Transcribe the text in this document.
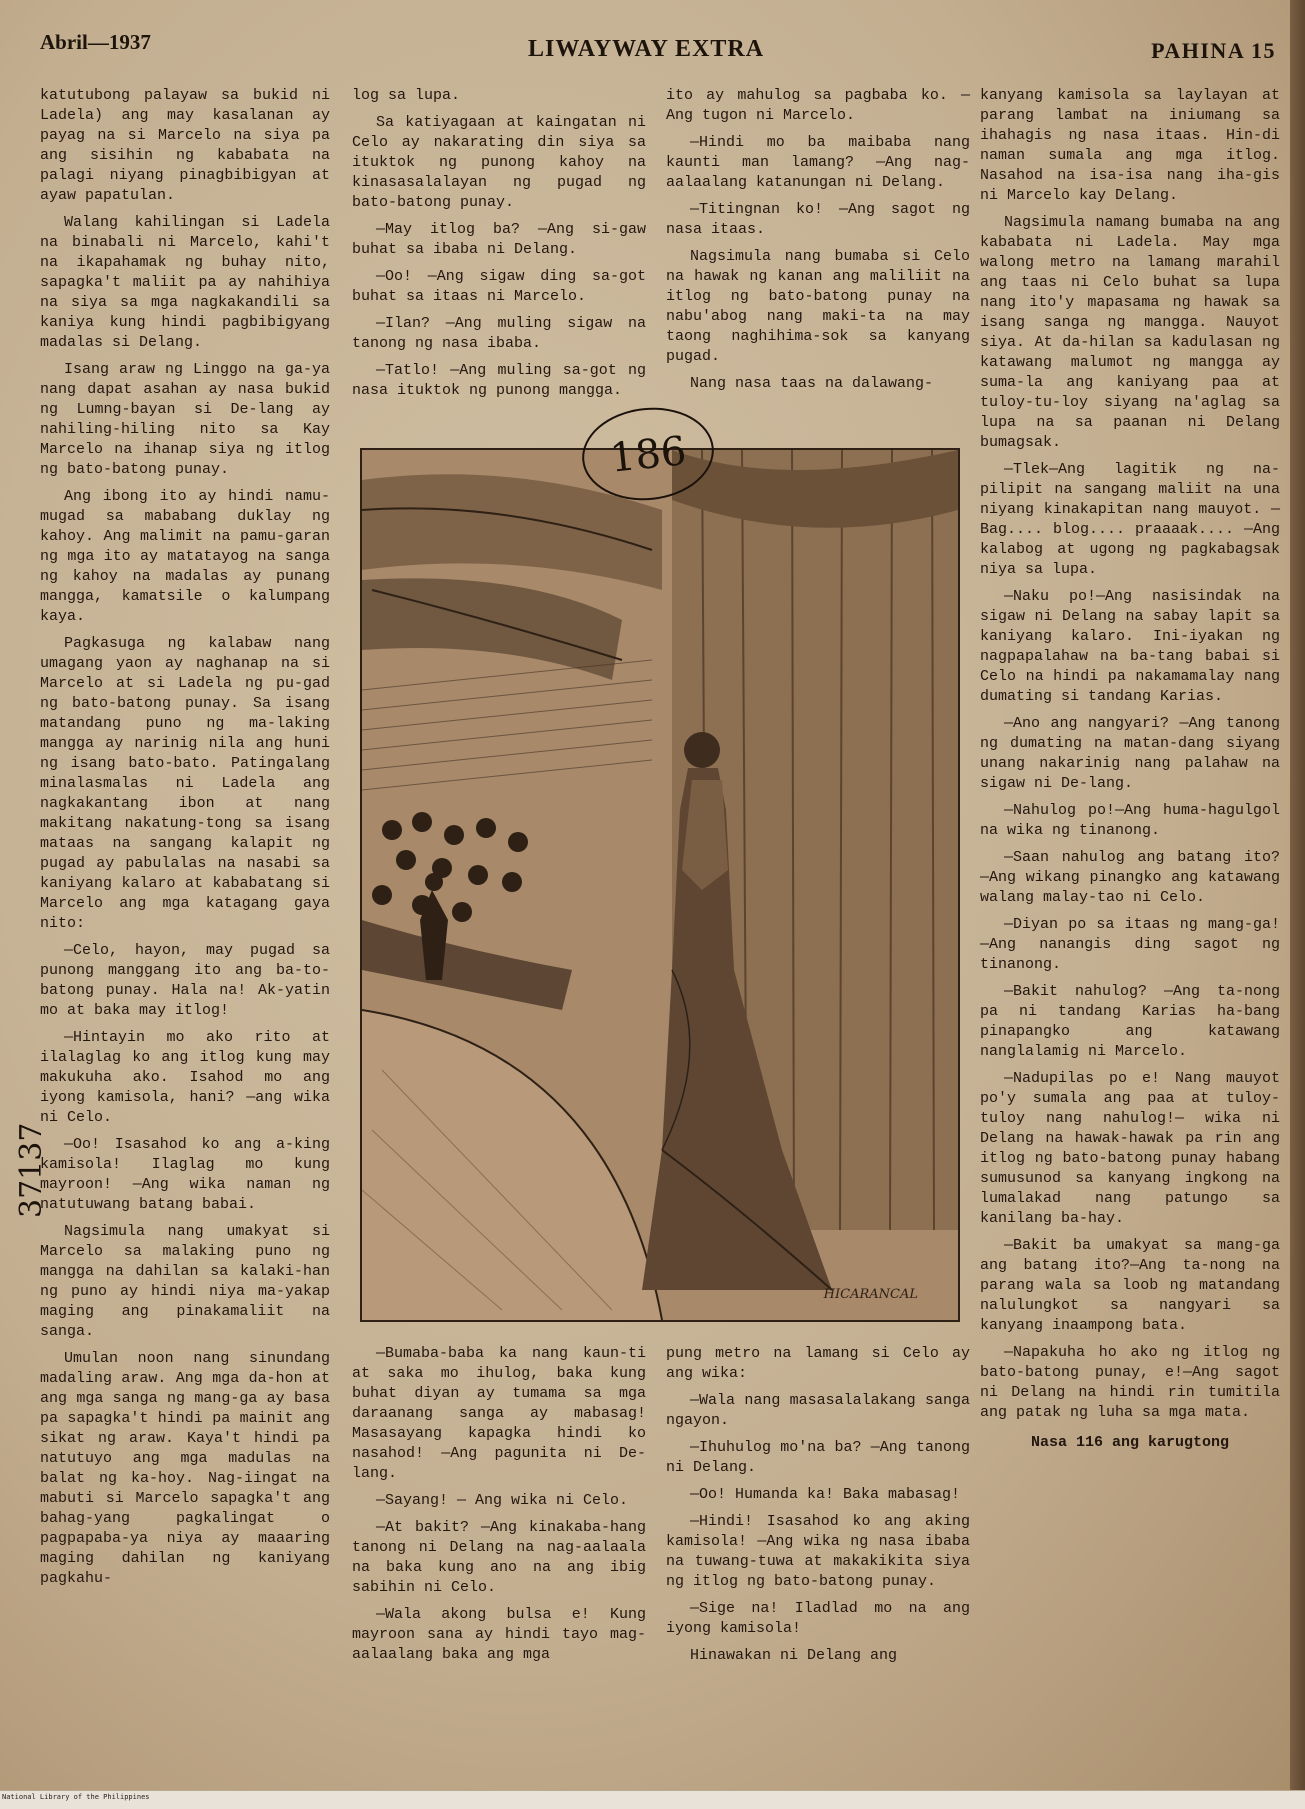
Abril—1937	LIWAYWAY EXTRA	PAHINA 15

katutubong palayaw sa bukid ni Ladela) ang may kasalanan ay payag na si Marcelo na siya pa ang sisihin ng kababata na palagi niyang pinagbibigyan at ayaw papatulan.

Walang kahilingan si Ladela na binabali ni Marcelo, kahi't na ikapahamak ng buhay nito, sapagka't maliit pa ay nahihiya na siya sa mga nagkakandili sa kaniya kung hindi pagbibigyang madalas si Delang.

Isang araw ng Linggo na ga-ya nang dapat asahan ay nasa bukid ng Lumng-bayan si De-lang ay nahiling-hiling nito sa Kay Marcelo na ihanap siya ng itlog ng bato-batong punay.

Ang ibong ito ay hindi namu-mugad sa mababang duklay ng kahoy. Ang malimit na pamu-garan ng mga ito ay matatayog na sanga ng kahoy na madalas ay punang mangga, kamatsile o kalumpang kaya.

Pagkasuga ng kalabaw nang umagang yaon ay naghanap na si Marcelo at si Ladela ng pu-gad ng bato-batong punay. Sa isang matandang puno ng ma-laking mangga ay narinig nila ang huni ng isang bato-bato. Patingalang minalasmalas ni Ladela ang nagkakantang ibon at nang makitang nakatung-tong sa isang mataas na sangang kalapit ng pugad ay pabulalas na nasabi sa kaniyang kalaro at kababatang si Marcelo ang mga katagang gaya nito:

—Celo, hayon, may pugad sa punong manggang ito ang ba-to-batong punay. Hala na! Ak-yatin mo at baka may itlog!

—Hintayin mo ako rito at ilalaglag ko ang itlog kung may makukuha ako. Isahod mo ang iyong kamisola, hani? —ang wika ni Celo.

—Oo! Isasahod ko ang a-king kamisola! Ilaglag mo kung mayroon! —Ang wika naman ng natutuwang batang babai.

Nagsimula nang umakyat si Marcelo sa malaking puno ng mangga na dahilan sa kalaki-han ng puno ay hindi niya ma-yakap maging ang pinakamaliit na sanga.

Umulan noon nang sinundang madaling araw. Ang mga da-hon at ang mga sanga ng mang-ga ay basa pa sapagka't hindi pa mainit ang sikat ng araw. Kaya't hindi pa natutuyo ang mga madulas na balat ng ka-hoy. Nag-iingat na mabuti si Marcelo sapagka't ang bahag-yang pagkalingat o pagpapaba-ya niya ay maaaring maging dahilan ng kaniyang pagkahu-

log sa lupa.

Sa katiyagaan at kaingatan ni Celo ay nakarating din siya sa ituktok ng punong kahoy na kinasasalalayan ng pugad ng bato-batong punay.

—May itlog ba? —Ang si-gaw buhat sa ibaba ni Delang.

—Oo! —Ang sigaw ding sa-got buhat sa itaas ni Marcelo.

—Ilan? —Ang muling sigaw na tanong ng nasa ibaba.

—Tatlo! —Ang muling sa-got ng nasa ituktok ng punong mangga.

ito ay mahulog sa pagbaba ko. —Ang tugon ni Marcelo.

—Hindi mo ba maibaba nang kaunti man lamang? —Ang nag-aalaalang katanungan ni Delang.

—Titingnan ko! —Ang sagot ng nasa itaas.

Nagsimula nang bumaba si Celo na hawak ng kanan ang maliliit na itlog ng bato-batong punay na nabu'abog nang maki-ta na may taong naghihima-sok sa kanyang pugad.

Nang nasa taas na dalawang-

kanyang kamisola sa laylayan at parang lambat na iniumang sa ihahagis ng nasa itaas. Hin-di naman sumala ang mga itlog. Nasahod na isa-isa nang iha-gis ni Marcelo kay Delang.

Nagsimula namang bumaba na ang kababata ni Ladela. May mga walong metro na lamang marahil ang taas ni Celo buhat sa lupa nang ito'y mapasama ng hawak sa isang sanga ng mangga. Nauyot siya. At da-hilan sa kadulasan ng katawang malumot ng mangga ay suma-la ang kaniyang paa at tuloy-tu-loy siyang na'aglag sa lupa na sa paanan ni Delang bumagsak.

—Tlek—Ang lagitik ng na-pilipit na sangang maliit na una niyang kinakapitan nang mauyot. —Bag.... blog.... praaaak.... —Ang kalabog at ugong ng pagkabagsak niya sa lupa.

—Naku po!—Ang nasisindak na sigaw ni Delang na sabay lapit sa kaniyang kalaro. Ini-iyakan ng nagpapalahaw na ba-tang babai si Celo na hindi pa nakamamalay nang dumating si tandang Karias.

—Ano ang nangyari? —Ang tanong ng dumating na matan-dang siyang unang nakarinig nang palahaw na sigaw ni De-lang.

—Nahulog po!—Ang huma-hagulgol na wika ng tinanong.

—Saan nahulog ang batang ito? —Ang wikang pinangko ang katawang walang malay-tao ni Celo.

—Diyan po sa itaas ng mang-ga! —Ang nanangis ding sagot ng tinanong.

—Bakit nahulog? —Ang ta-nong pa ni tandang Karias ha-bang pinapangko ang katawang nanglalamig ni Marcelo.

—Nadupilas po e! Nang mauyot po'y sumala ang paa at tuloy-tuloy nang nahulog!— wika ni Delang na hawak-hawak pa rin ang itlog ng bato-batong punay habang sumusunod sa kanyang ingkong na lumalakad nang patungo sa kanilang ba-hay.

—Bakit ba umakyat sa mang-ga ang batang ito?—Ang ta-nong na parang wala sa loob ng matandang nalulungkot sa nangyari sa kanyang inaampong bata.

—Napakuha ho ako ng itlog ng bato-batong punay, e!—Ang sagot ni Delang na hindi rin tumitila ang patak ng luha sa mga mata.

Nasa 116 ang karugtong

—Bumaba-baba ka nang kaun-ti at saka mo ihulog, baka kung buhat diyan ay tumama sa mga daraanang sanga ay mabasag! Masasayang kapagka hindi ko nasahod! —Ang pagunita ni De-lang.

—Sayang! — Ang wika ni Celo.

—At bakit? —Ang kinakaba-hang tanong ni Delang na nag-aalaala na baka kung ano na ang ibig sabihin ni Celo.

—Wala akong bulsa e! Kung mayroon sana ay hindi tayo mag-aalaalang baka ang mga

pung metro na lamang si Celo ay ang wika:

—Wala nang masasalalakang sanga ngayon.

—Ihuhulog mo'na ba? —Ang tanong ni Delang.

—Oo! Humanda ka! Baka mabasag!

—Hindi! Isasahod ko ang aking kamisola! —Ang wika ng nasa ibaba na tuwang-tuwa at makakikita siya ng itlog ng bato-batong punay.

—Sige na! Iladlad mo na ang iyong kamisola!

Hinawakan ni Delang ang

HICARANCAL
186
37137
National Library of the Philippines
